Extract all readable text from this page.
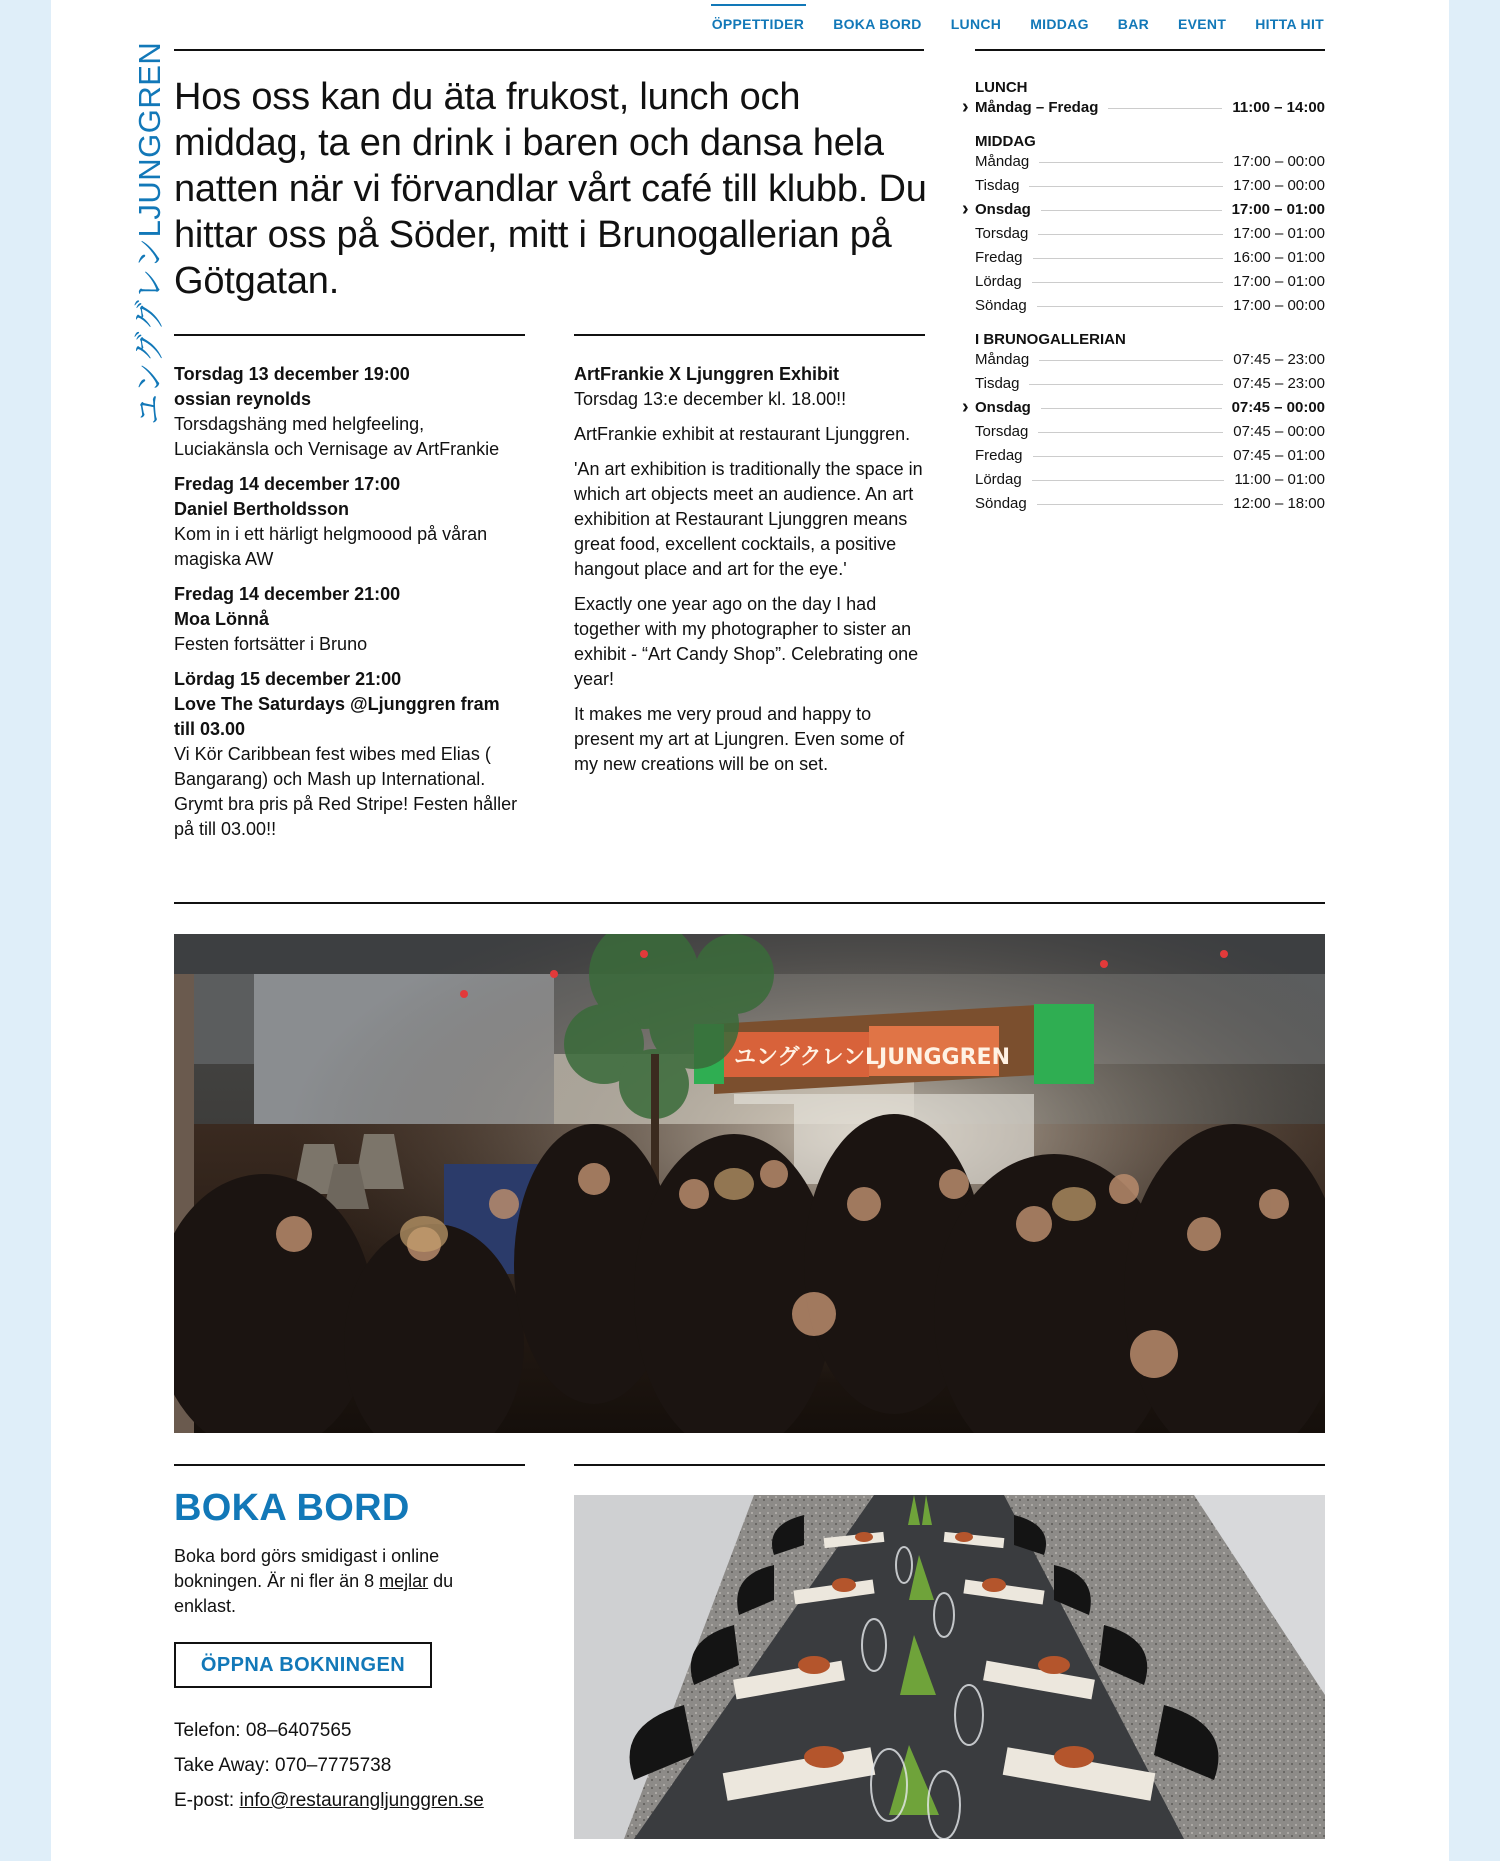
ユンググレンLJUNGGREN
ÖPPETTIDER BOKA BORD LUNCH MIDDAG BAR EVENT HITTA HIT
Hos oss kan du äta frukost, lunch och middag, ta en drink i baren och dansa hela natten när vi förvandlar vårt café till klubb. Du hittar oss på Söder, mitt i Brunogallerian på Götgatan.

Torsdag 13 december 19:00

ossian reynolds

Torsdagshäng med helgfeeling, Luciakänsla och Vernisage av ArtFrankie

Fredag 14 december 17:00

Daniel Bertholdsson

Kom in i ett härligt helgmoood på våran magiska AW

Fredag 14 december 21:00

Moa Lönnå

Festen fortsätter i Bruno

Lördag 15 december 21:00

Love The Saturdays @Ljunggren fram till 03.00

Vi Kör Caribbean fest wibes med Elias ( Bangarang) och Mash up International. Grymt bra pris på Red Stripe! Festen håller på till 03.00!!

ArtFrankie X Ljunggren Exhibit

Torsdag 13:e december kl. 18.00!!

ArtFrankie exhibit at restaurant Ljunggren.

'An art exhibition is traditionally the space in which art objects meet an audience. An art exhibition at Restaurant Ljunggren means great food, excellent cocktails, a positive hangout place and art for the eye.'

Exactly one year ago on the day I had together with my photographer to sister an exhibit - “Art Candy Shop”. Celebrating one year!

It makes me very proud and happy to present my art at Ljungren. Even some of my new creations will be on set.

LUNCH
› Måndag – Fredag	11:00 – 14:00
MIDDAG
Måndag	17:00 – 00:00
Tisdag	17:00 – 00:00
› Onsdag	17:00 – 01:00
Torsdag	17:00 – 01:00
Fredag	16:00 – 01:00
Lördag	17:00 – 01:00
Söndag	17:00 – 00:00
I BRUNOGALLERIAN
Måndag	07:45 – 23:00
Tisdag	07:45 – 23:00
› Onsdag	07:45 – 00:00
Torsdag	07:45 – 00:00
Fredag	07:45 – 01:00
Lördag	11:00 – 01:00
Söndag	12:00 – 18:00
ユングクレンLJUNGGREN
BOKA BORD

Boka bord görs smidigast i online bokningen. Är ni fler än 8 mejlar du enklast.

ÖPPNA BOKNINGEN
Telefon: 08–6407565
Take Away: 070–7775738
E-post: info@restaurangljunggren.se
